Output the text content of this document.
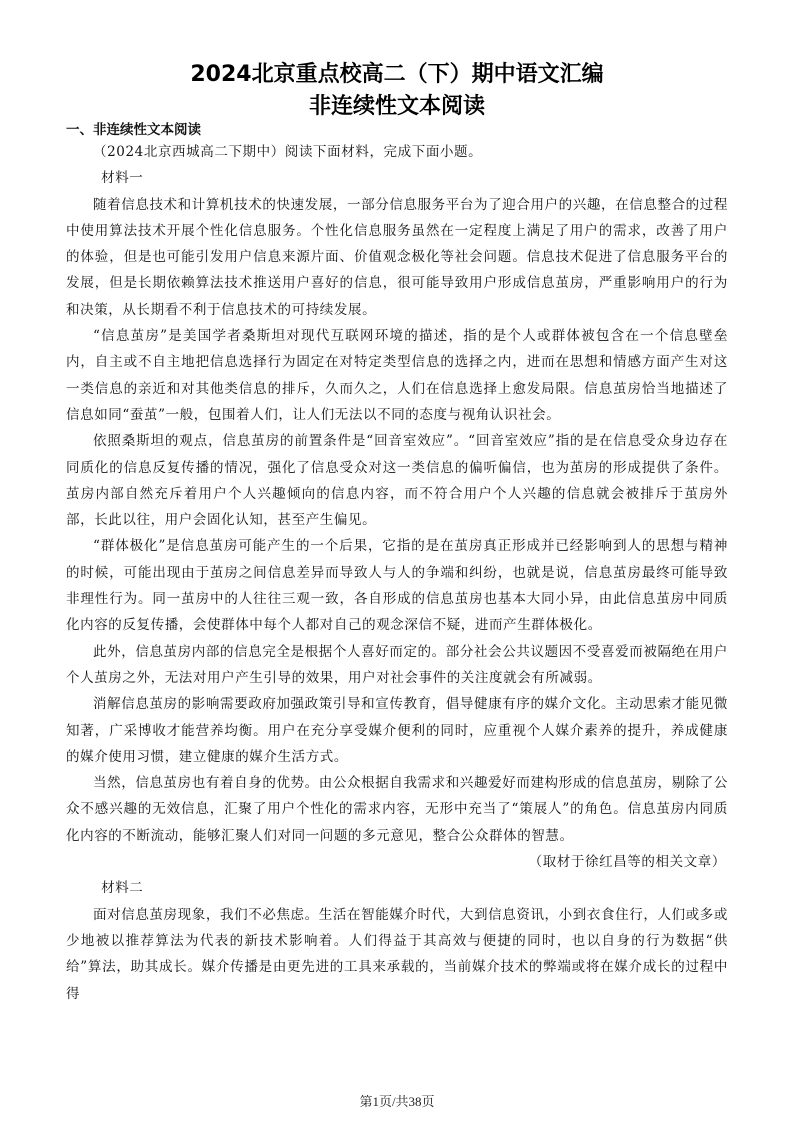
2024北京重点校高二（下）期中语文汇编
非连续性文本阅读
一、非连续性文本阅读

（2024北京西城高二下期中）阅读下面材料，完成下面小题。

材料一

随着信息技术和计算机技术的快速发展，一部分信息服务平台为了迎合用户的兴趣，在信息整合的过程中使用算法技术开展个性化信息服务。个性化信息服务虽然在一定程度上满足了用户的需求，改善了用户的体验，但是也可能引发用户信息来源片面、价值观念极化等社会问题。信息技术促进了信息服务平台的发展，但是长期依赖算法技术推送用户喜好的信息，很可能导致用户形成信息茧房，严重影响用户的行为和决策，从长期看不利于信息技术的可持续发展。

“信息茧房”是美国学者桑斯坦对现代互联网环境的描述，指的是个人或群体被包含在一个信息壁垒内，自主或不自主地把信息选择行为固定在对特定类型信息的选择之内，进而在思想和情感方面产生对这一类信息的亲近和对其他类信息的排斥，久而久之，人们在信息选择上愈发局限。信息茧房恰当地描述了信息如同“蚕茧”一般，包围着人们，让人们无法以不同的态度与视角认识社会。

依照桑斯坦的观点，信息茧房的前置条件是“回音室效应”。“回音室效应”指的是在信息受众身边存在同质化的信息反复传播的情况，强化了信息受众对这一类信息的偏听偏信，也为茧房的形成提供了条件。茧房内部自然充斥着用户个人兴趣倾向的信息内容，而不符合用户个人兴趣的信息就会被排斥于茧房外部，长此以往，用户会固化认知，甚至产生偏见。

“群体极化”是信息茧房可能产生的一个后果，它指的是在茧房真正形成并已经影响到人的思想与精神的时候，可能出现由于茧房之间信息差异而导致人与人的争端和纠纷，也就是说，信息茧房最终可能导致非理性行为。同一茧房中的人往往三观一致，各自形成的信息茧房也基本大同小异，由此信息茧房中同质化内容的反复传播，会使群体中每个人都对自己的观念深信不疑，进而产生群体极化。

此外，信息茧房内部的信息完全是根据个人喜好而定的。部分社会公共议题因不受喜爱而被隔绝在用户个人茧房之外，无法对用户产生引导的效果，用户对社会事件的关注度就会有所减弱。

消解信息茧房的影响需要政府加强政策引导和宣传教育，倡导健康有序的媒介文化。主动思索才能见微知著，广采博收才能营养均衡。用户在充分享受媒介便利的同时，应重视个人媒介素养的提升，养成健康的媒介使用习惯，建立健康的媒介生活方式。

当然，信息茧房也有着自身的优势。由公众根据自我需求和兴趣爱好而建构形成的信息茧房，剔除了公众不感兴趣的无效信息，汇聚了用户个性化的需求内容，无形中充当了“策展人”的角色。信息茧房内同质化内容的不断流动，能够汇聚人们对同一问题的多元意见，整合公众群体的智慧。

（取材于徐红昌等的相关文章）

材料二

面对信息茧房现象，我们不必焦虑。生活在智能媒介时代，大到信息资讯，小到衣食住行，人们或多或少地被以推荐算法为代表的新技术影响着。人们得益于其高效与便捷的同时，也以自身的行为数据“供给”算法，助其成长。媒介传播是由更先进的工具来承载的，当前媒介技术的弊端或将在媒介成长的过程中得

第1页/共38页
